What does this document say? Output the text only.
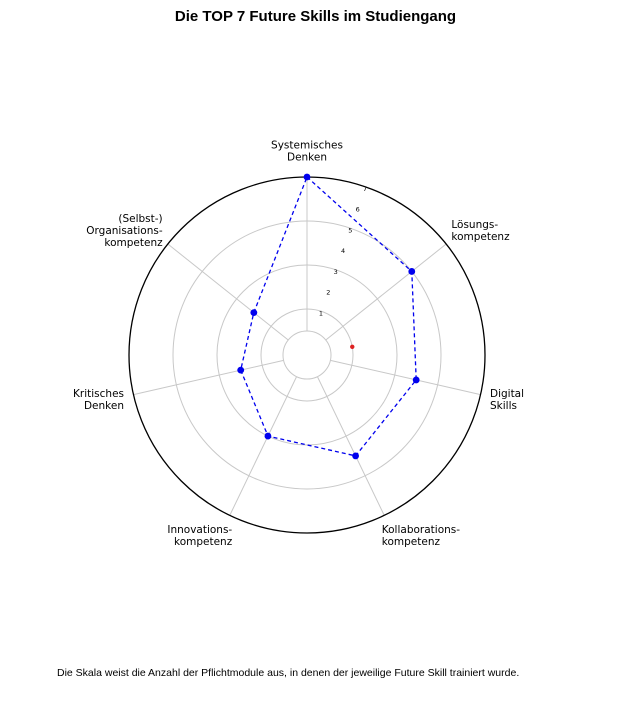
Die TOP 7 Future Skills im Studiengang
Systemisches Denken
Lösungs-kompetenz
Digital Skills
Kollaborations-kompetenz
Innovations-kompetenz
Kritisches Denken
(Selbst-) Organisations-kompetenz
1
2
3
4
5
6
7
Die Skala weist die Anzahl der Pflichtmodule aus, in denen der jeweilige Future Skill trainiert wurde.
